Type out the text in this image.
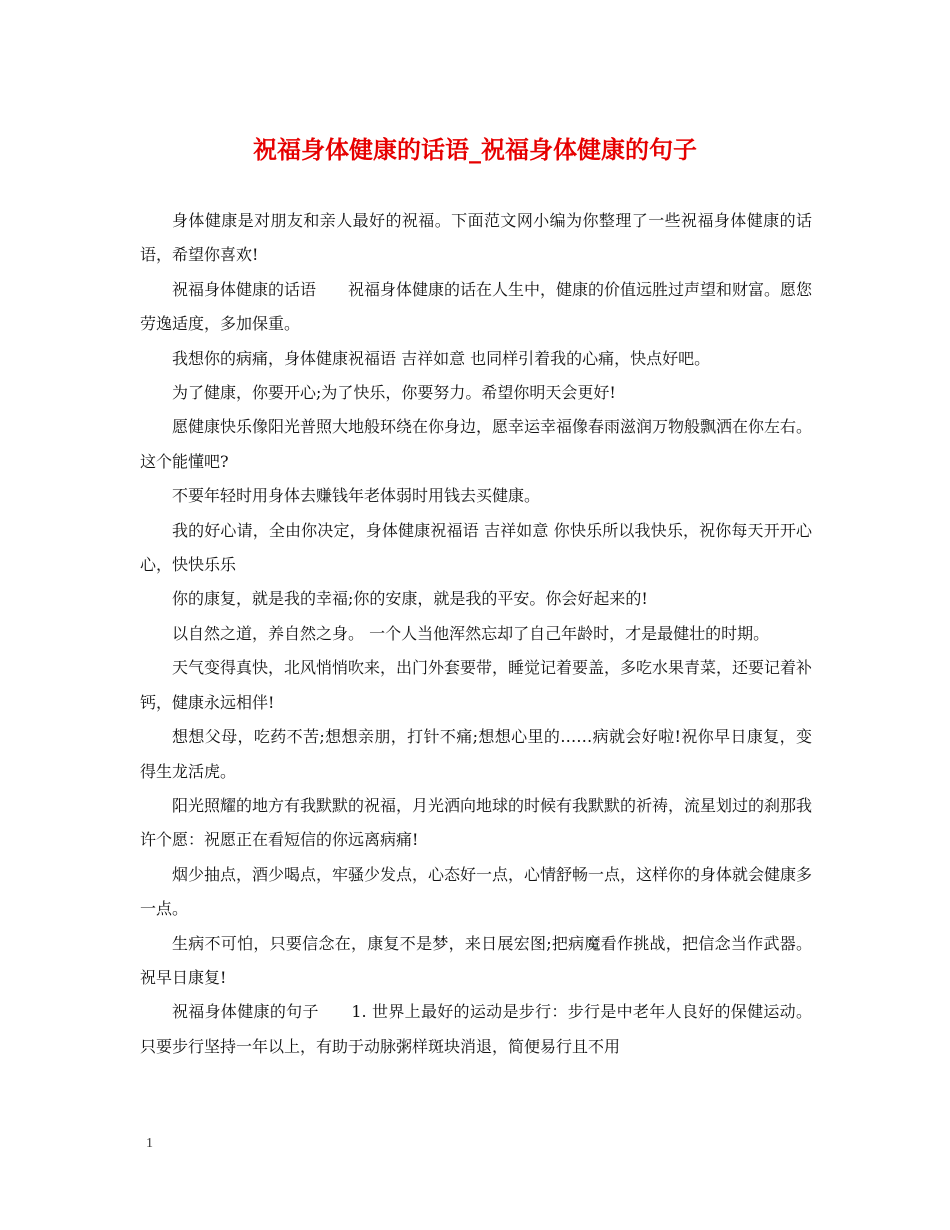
祝福身体健康的话语_祝福身体健康的句子

身体健康是对朋友和亲人最好的祝福。下面范文网小编为你整理了一些祝福身体健康的话语，希望你喜欢!

祝福身体健康的话语　　祝福身体健康的话在人生中，健康的价值远胜过声望和财富。愿您劳逸适度，多加保重。

我想你的病痛，身体健康祝福语 吉祥如意 也同样引着我的心痛，快点好吧。

为了健康，你要开心;为了快乐，你要努力。希望你明天会更好!

愿健康快乐像阳光普照大地般环绕在你身边，愿幸运幸福像春雨滋润万物般飘洒在你左右。这个能懂吧?

不要年轻时用身体去赚钱年老体弱时用钱去买健康。

我的好心请，全由你决定，身体健康祝福语 吉祥如意 你快乐所以我快乐，祝你每天开开心心，快快乐乐

你的康复，就是我的幸福;你的安康，就是我的平安。你会好起来的!

以自然之道，养自然之身。 一个人当他浑然忘却了自己年龄时，才是最健壮的时期。

天气变得真快，北风悄悄吹来，出门外套要带，睡觉记着要盖，多吃水果青菜，还要记着补钙，健康永远相伴!

想想父母，吃药不苦;想想亲朋，打针不痛;想想心里的……病就会好啦!祝你早日康复，变得生龙活虎。

阳光照耀的地方有我默默的祝福，月光洒向地球的时候有我默默的祈祷，流星划过的刹那我许个愿：祝愿正在看短信的你远离病痛!

烟少抽点，酒少喝点，牢骚少发点，心态好一点，心情舒畅一点，这样你的身体就会健康多一点。

生病不可怕，只要信念在，康复不是梦，来日展宏图;把病魔看作挑战，把信念当作武器。祝早日康复!

祝福身体健康的句子　　1. 世界上最好的运动是步行：步行是中老年人良好的保健运动。只要步行坚持一年以上，有助于动脉粥样斑块消退，简便易行且不用

1
